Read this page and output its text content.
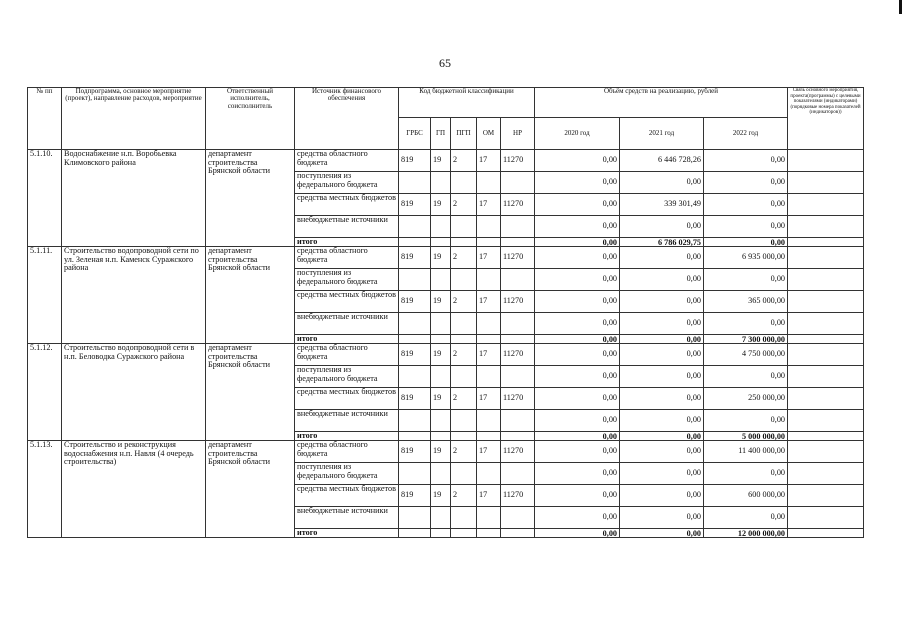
65
№ пп	Подпрограмма, основное мероприятие (проект), направление расходов, мероприятие	Ответственный исполнитель, соисполнитель	Источник финансового обеспечения	Код бюджетной классификации					Объём средств на реализацию, рублей			Связь основного мероприятия, проекта(программы) с целевыми показателями (индикаторами) (порядковые номера показателей (индикаторов))
				ГРБС	ГП	ПГП	ОМ	НР	2020 год	2021 год	2022 год	
5.1.10.	Водоснабжение н.п. Воробьевка Климовского района	департамент строительства Брянской области	средства областного бюджета	819	19	2	17	11270	0,00	6 446 728,26	0,00	
			поступления из федерального бюджета						0,00	0,00	0,00	
			средства местных бюджетов	819	19	2	17	11270	0,00	339 301,49	0,00	
			внебюджетные источники						0,00	0,00	0,00	
			итого						0,00	6 786 029,75	0,00	
5.1.11.	Строительство водопроводной сети по ул. Зеленая н.п. Каменск Суражского района	департамент строительства Брянской области	средства областного бюджета	819	19	2	17	11270	0,00	0,00	6 935 000,00	
			поступления из федерального бюджета						0,00	0,00	0,00	
			средства местных бюджетов	819	19	2	17	11270	0,00	0,00	365 000,00	
			внебюджетные источники						0,00	0,00	0,00	
			итого						0,00	0,00	7 300 000,00	
5.1.12.	Строительство водопроводной сети в н.п. Беловодка Суражского района	департамент строительства Брянской области	средства областного бюджета	819	19	2	17	11270	0,00	0,00	4 750 000,00	
			поступления из федерального бюджета						0,00	0,00	0,00	
			средства местных бюджетов	819	19	2	17	11270	0,00	0,00	250 000,00	
			внебюджетные источники						0,00	0,00	0,00	
			итого						0,00	0,00	5 000 000,00	
5.1.13.	Строительство и реконструкция водоснабжения н.п. Навля (4 очередь строительства)	департамент строительства Брянской области	средства областного бюджета	819	19	2	17	11270	0,00	0,00	11 400 000,00	
			поступления из федерального бюджета						0,00	0,00	0,00	
			средства местных бюджетов	819	19	2	17	11270	0,00	0,00	600 000,00	
			внебюджетные источники						0,00	0,00	0,00	
			итого						0,00	0,00	12 000 000,00	
